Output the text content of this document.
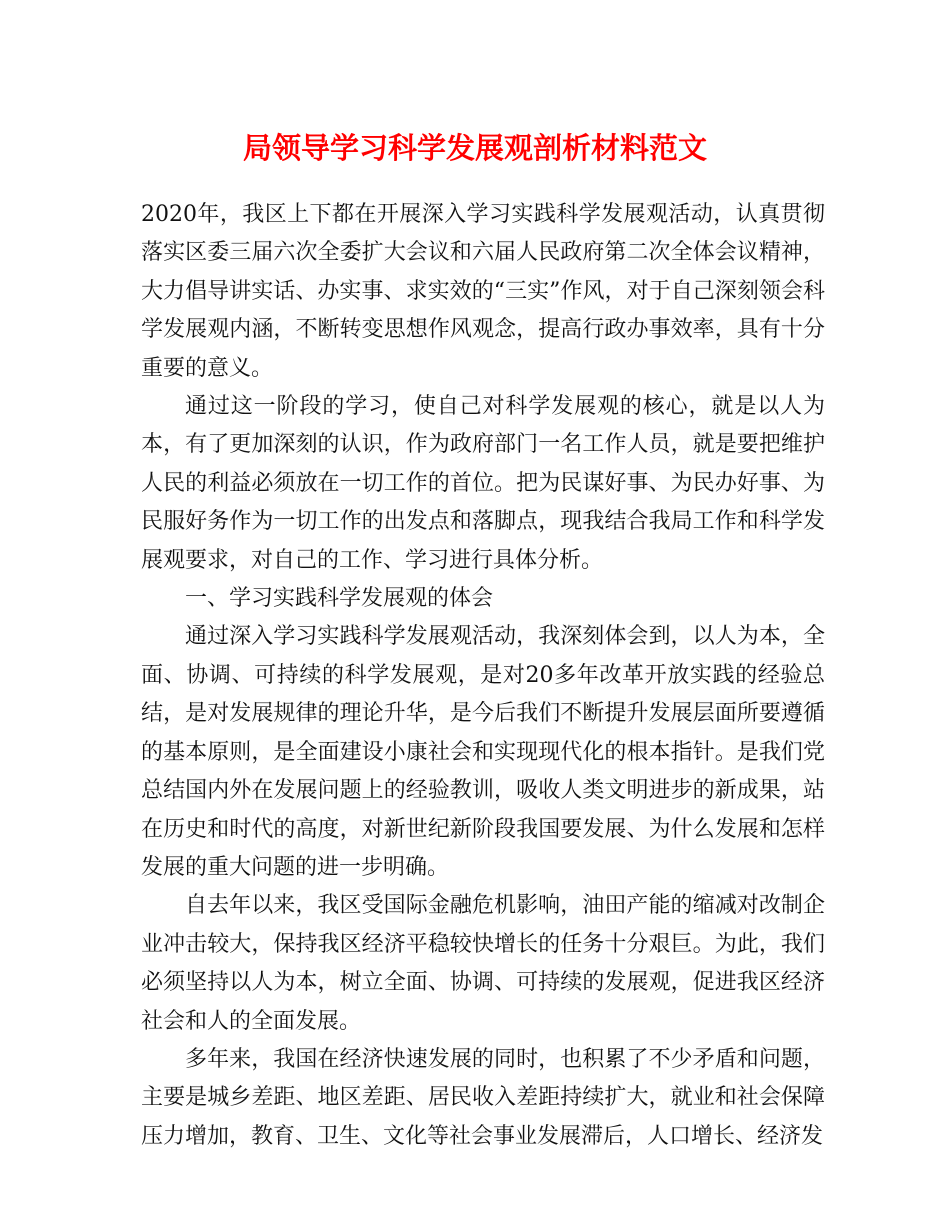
局领导学习科学发展观剖析材料范文

2020年，我区上下都在开展深入学习实践科学发展观活动，认真贯彻落实区委三届六次全委扩大会议和六届人民政府第二次全体会议精神，大力倡导讲实话、办实事、求实效的“三实”作风，对于自己深刻领会科学发展观内涵，不断转变思想作风观念，提高行政办事效率，具有十分重要的意义。

通过这一阶段的学习，使自己对科学发展观的核心，就是以人为本，有了更加深刻的认识，作为政府部门一名工作人员，就是要把维护人民的利益必须放在一切工作的首位。把为民谋好事、为民办好事、为民服好务作为一切工作的出发点和落脚点，现我结合我局工作和科学发展观要求，对自己的工作、学习进行具体分析。

一、学习实践科学发展观的体会

通过深入学习实践科学发展观活动，我深刻体会到，以人为本，全面、协调、可持续的科学发展观，是对20多年改革开放实践的经验总结，是对发展规律的理论升华，是今后我们不断提升发展层面所要遵循的基本原则，是全面建设小康社会和实现现代化的根本指针。是我们党总结国内外在发展问题上的经验教训，吸收人类文明进步的新成果，站在历史和时代的高度，对新世纪新阶段我国要发展、为什么发展和怎样发展的重大问题的进一步明确。

自去年以来，我区受国际金融危机影响，油田产能的缩减对改制企业冲击较大，保持我区经济平稳较快增长的任务十分艰巨。为此，我们必须坚持以人为本，树立全面、协调、可持续的发展观，促进我区经济社会和人的全面发展。

多年来，我国在经济快速发展的同时，也积累了不少矛盾和问题，主要是城乡差距、地区差距、居民收入差距持续扩大，就业和社会保障压力增加，教育、卫生、文化等社会事业发展滞后，人口增长、经济发
